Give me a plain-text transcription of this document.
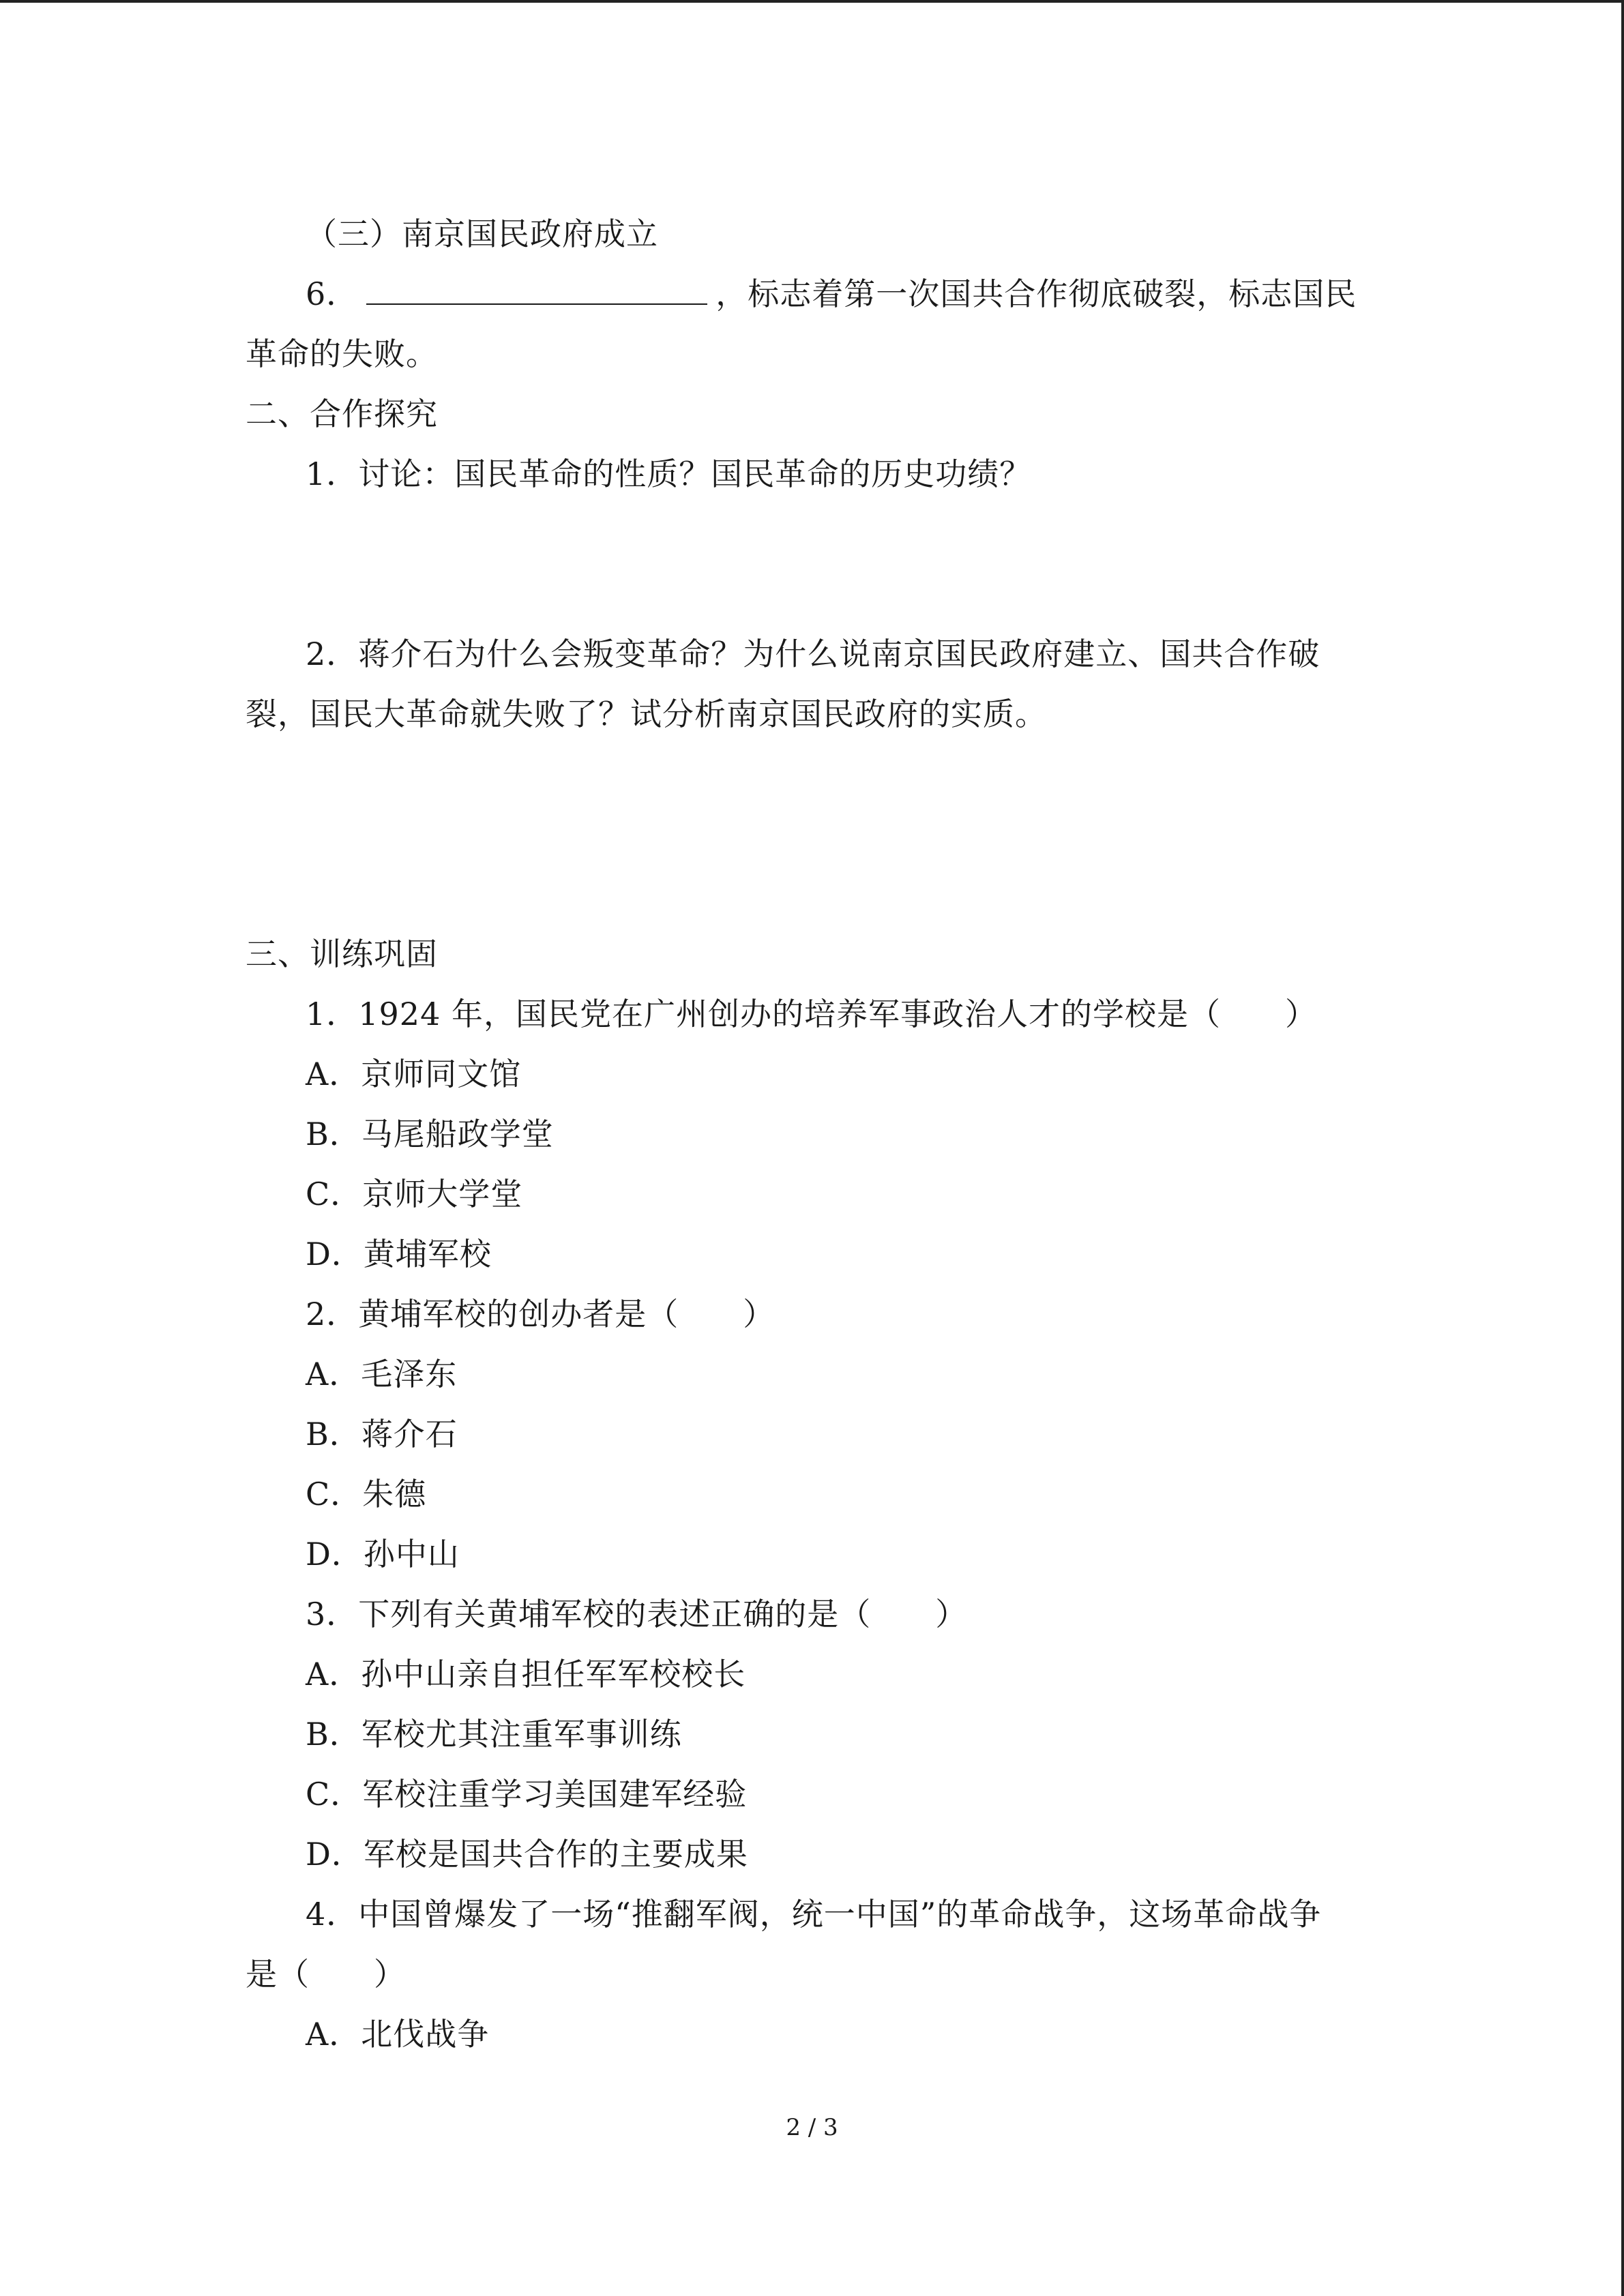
（三）南京国民政府成立
6．	，标志着第一次国共合作彻底破裂，标志国民
革命的失败。
二、合作探究
1．讨论：国民革命的性质？国民革命的历史功绩？
2．蒋介石为什么会叛变革命？为什么说南京国民政府建立、国共合作破
裂，国民大革命就失败了？试分析南京国民政府的实质。
三、训练巩固
1．1924 年，国民党在广州创办的培养军事政治人才的学校是（　　）
A．京师同文馆
B．马尾船政学堂
C．京师大学堂
D．黄埔军校
2．黄埔军校的创办者是（　　）
A．毛泽东
B．蒋介石
C．朱德
D．孙中山
3．下列有关黄埔军校的表述正确的是（　　）
A．孙中山亲自担任军军校校长
B．军校尤其注重军事训练
C．军校注重学习美国建军经验
D．军校是国共合作的主要成果
4．中国曾爆发了一场“推翻军阀，统一中国”的革命战争，这场革命战争
是（　　）
A．北伐战争
2 / 3
